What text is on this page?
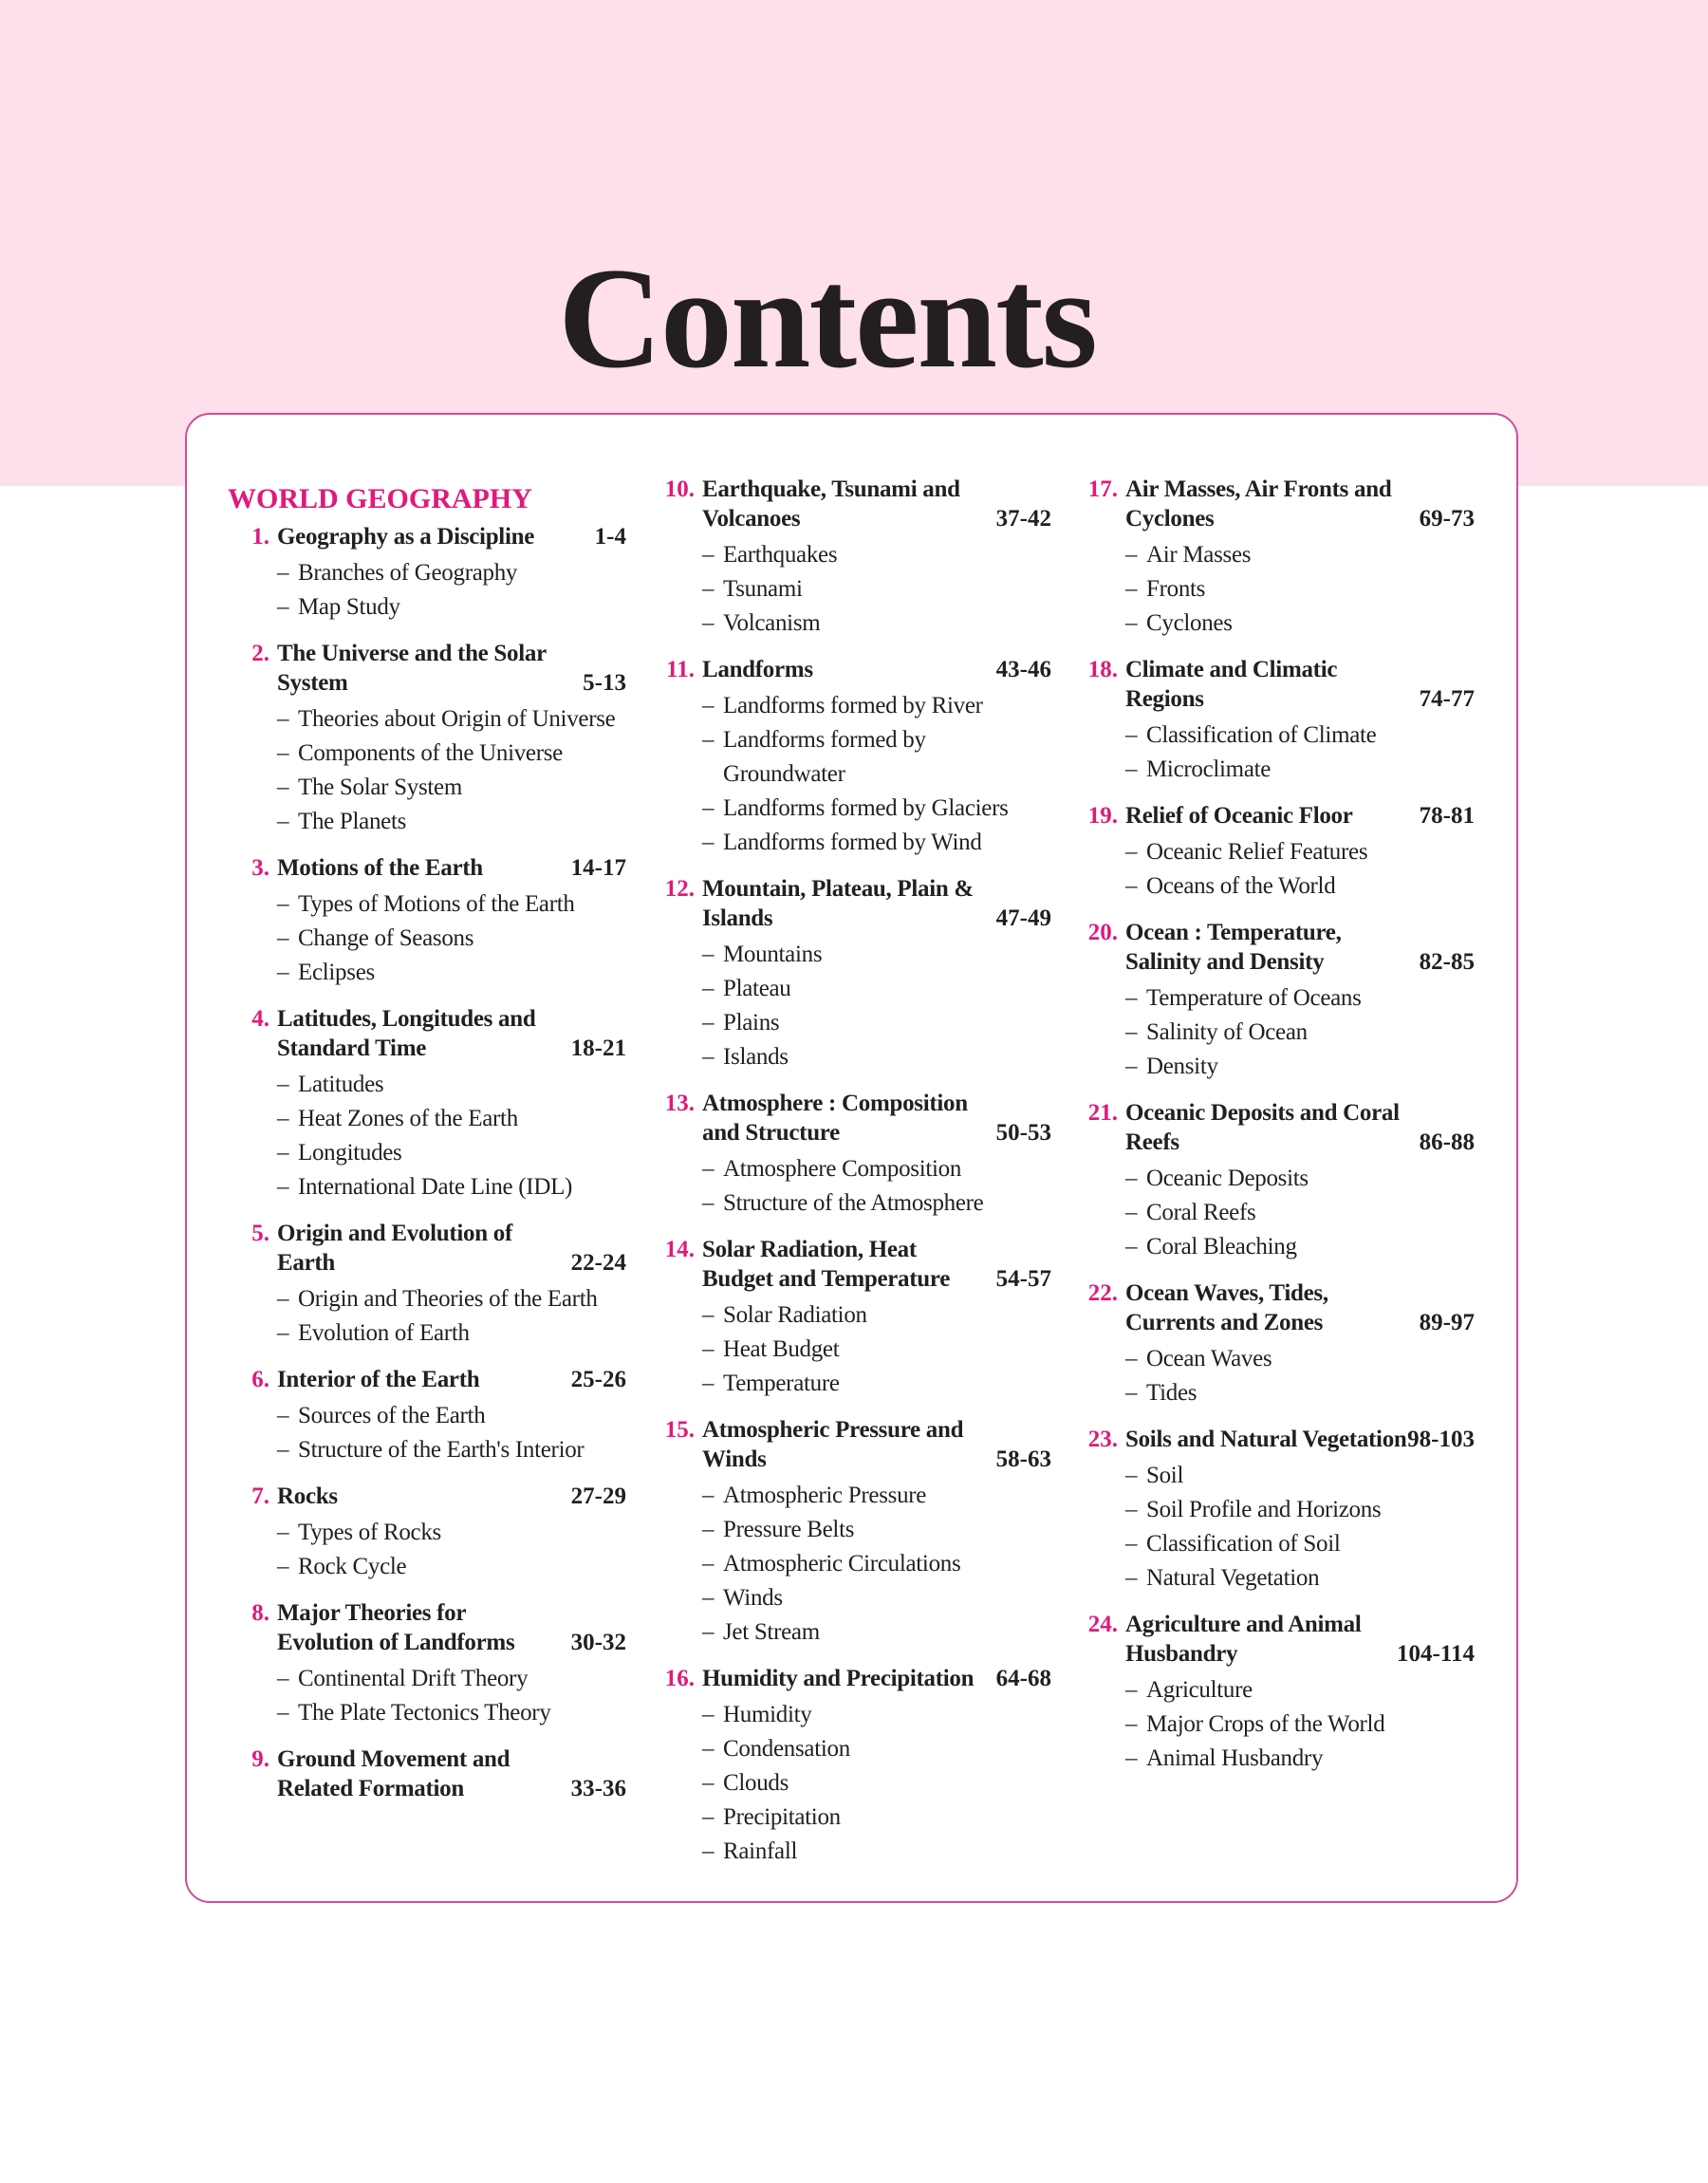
Contents
WORLD GEOGRAPHY
1. Geography as a Discipline	1-4
– Branches of Geography
– Map Study
2. The Universe and the Solar System	5-13
– Theories about Origin of Universe
– Components of the Universe
– The Solar System
– The Planets
3. Motions of the Earth	14-17
– Types of Motions of the Earth
– Change of Seasons
– Eclipses
4. Latitudes, Longitudes and Standard Time	18-21
– Latitudes
– Heat Zones of the Earth
– Longitudes
– International Date Line (IDL)
5. Origin and Evolution of Earth	22-24
– Origin and Theories of the Earth
– Evolution of Earth
6. Interior of the Earth	25-26
– Sources of the Earth
– Structure of the Earth's Interior
7. Rocks	27-29
– Types of Rocks
– Rock Cycle
8. Major Theories for Evolution of Landforms	30-32
– Continental Drift Theory
– The Plate Tectonics Theory
9. Ground Movement and Related Formation	33-36
10. Earthquake, Tsunami and Volcanoes	37-42
– Earthquakes
– Tsunami
– Volcanism
11. Landforms	43-46
– Landforms formed by River
– Landforms formed by Groundwater
– Landforms formed by Glaciers
– Landforms formed by Wind
12. Mountain, Plateau, Plain & Islands	47-49
– Mountains
– Plateau
– Plains
– Islands
13. Atmosphere : Composition and Structure	50-53
– Atmosphere Composition
– Structure of the Atmosphere
14. Solar Radiation, Heat Budget and Temperature	54-57
– Solar Radiation
– Heat Budget
– Temperature
15. Atmospheric Pressure and Winds	58-63
– Atmospheric Pressure
– Pressure Belts
– Atmospheric Circulations
– Winds
– Jet Stream
16. Humidity and Precipitation 64-68
– Humidity
– Condensation
– Clouds
– Precipitation
– Rainfall
17. Air Masses, Air Fronts and Cyclones	69-73
– Air Masses
– Fronts
– Cyclones
18. Climate and Climatic Regions	74-77
– Classification of Climate
– Microclimate
19. Relief of Oceanic Floor	78-81
– Oceanic Relief Features
– Oceans of the World
20. Ocean : Temperature, Salinity and Density	82-85
– Temperature of Oceans
– Salinity of Ocean
– Density
21. Oceanic Deposits and Coral Reefs	86-88
– Oceanic Deposits
– Coral Reefs
– Coral Bleaching
22. Ocean Waves, Tides, Currents and Zones	89-97
– Ocean Waves
– Tides
23. Soils and Natural Vegetation 98-103
– Soil
– Soil Profile and Horizons
– Classification of Soil
– Natural Vegetation
24. Agriculture and Animal Husbandry	104-114
– Agriculture
– Major Crops of the World
– Animal Husbandry
